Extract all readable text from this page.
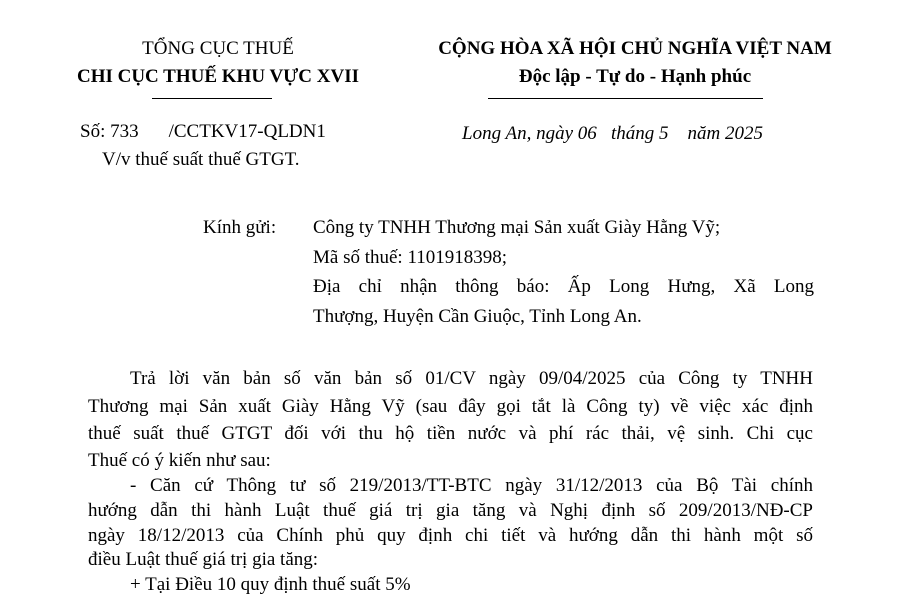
TỔNG CỤC THUẾ
CHI CỤC THUẾ KHU VỰC XVII
CỘNG HÒA XÃ HỘI CHỦ NGHĨA VIỆT NAM
Độc lập - Tự do - Hạnh phúc
Số: 733 /CCTKV17-QLDN1
V/v thuế suất thuế GTGT.
Long An, ngày 06   tháng 5    năm 2025
Kính gửi: Công ty TNHH Thương mại Sản xuất Giày Hằng Vỹ;
Mã số thuế: 1101918398;
Địa chỉ nhận thông báo: Ấp Long Hưng, Xã Long
Thượng, Huyện Cần Giuộc, Tỉnh Long An.
Trả lời văn bản số văn bản số 01/CV ngày 09/04/2025 của Công ty TNHH
Thương mại Sản xuất Giày Hằng Vỹ (sau đây gọi tắt là Công ty) về việc xác định
thuế suất thuế GTGT đối với thu hộ tiền nước và phí rác thải, vệ sinh. Chi cục
Thuế có ý kiến như sau:
- Căn cứ Thông tư số 219/2013/TT-BTC ngày 31/12/2013 của Bộ Tài chính
hướng dẫn thi hành Luật thuế giá trị gia tăng và Nghị định số 209/2013/NĐ-CP
ngày 18/12/2013 của Chính phủ quy định chi tiết và hướng dẫn thi hành một số
điều Luật thuế giá trị gia tăng:
+ Tại Điều 10 quy định thuế suất 5%
